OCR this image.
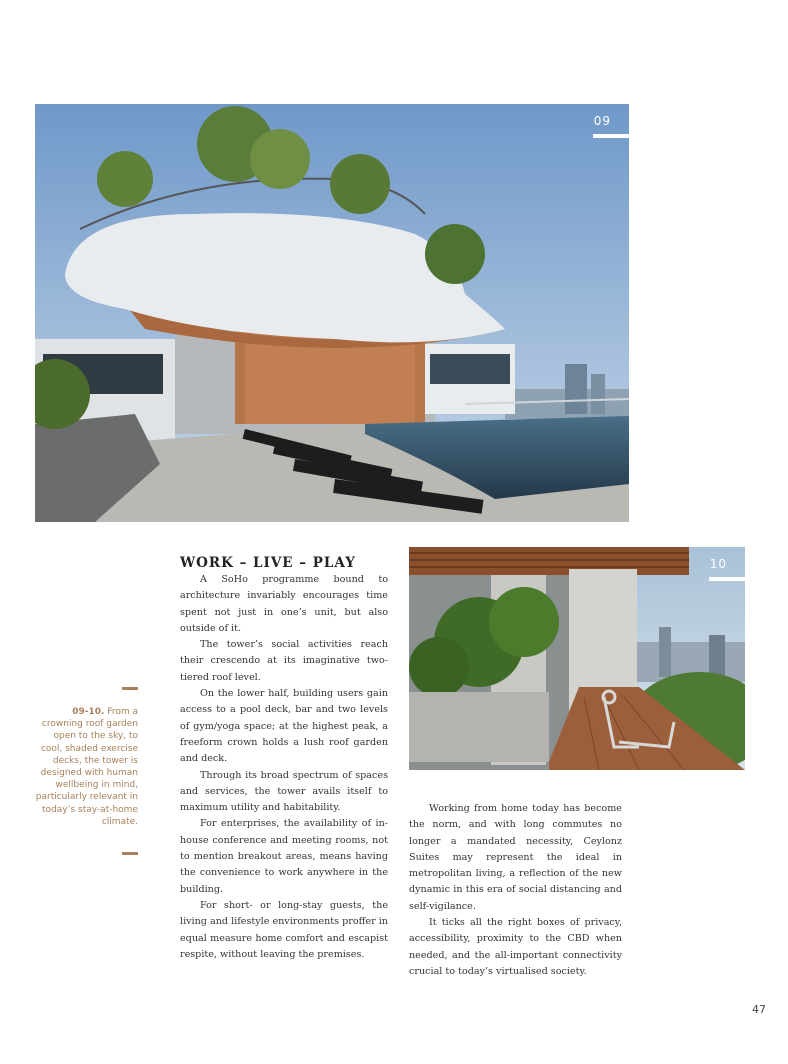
09
10
WORK – LIVE – PLAY

A SoHo programme bound to architecture invariably encourages time spent not just in one’s unit, but also outside of it.

The tower’s social activities reach their crescendo at its imaginative two-tiered roof level.

On the lower half, building users gain access to a pool deck, bar and two levels of gym/yoga space; at the highest peak, a freeform crown holds a lush roof garden and deck.

Through its broad spectrum of spaces and services, the tower avails itself to maximum utility and habitability.

For enterprises, the availability of in-house conference and meeting rooms, not to mention breakout areas, means having the convenience to work anywhere in the building.

For short- or long-stay guests, the living and lifestyle environments proffer in equal measure home comfort and escapist respite, without leaving the premises.

Working from home today has become the norm, and with long commutes no longer a mandated necessity, Ceylonz Suites may represent the ideal in metropolitan living, a reflection of the new dynamic in this era of social distancing and self-vigilance.

It ticks all the right boxes of privacy, accessibility, proximity to the CBD when needed, and the all-important connectivity crucial to today’s virtualised society.

09-10. From a crowning roof garden open to the sky, to cool, shaded exercise decks, the tower is designed with human wellbeing in mind, particularly relevant in today’s stay-at-home climate.
47
